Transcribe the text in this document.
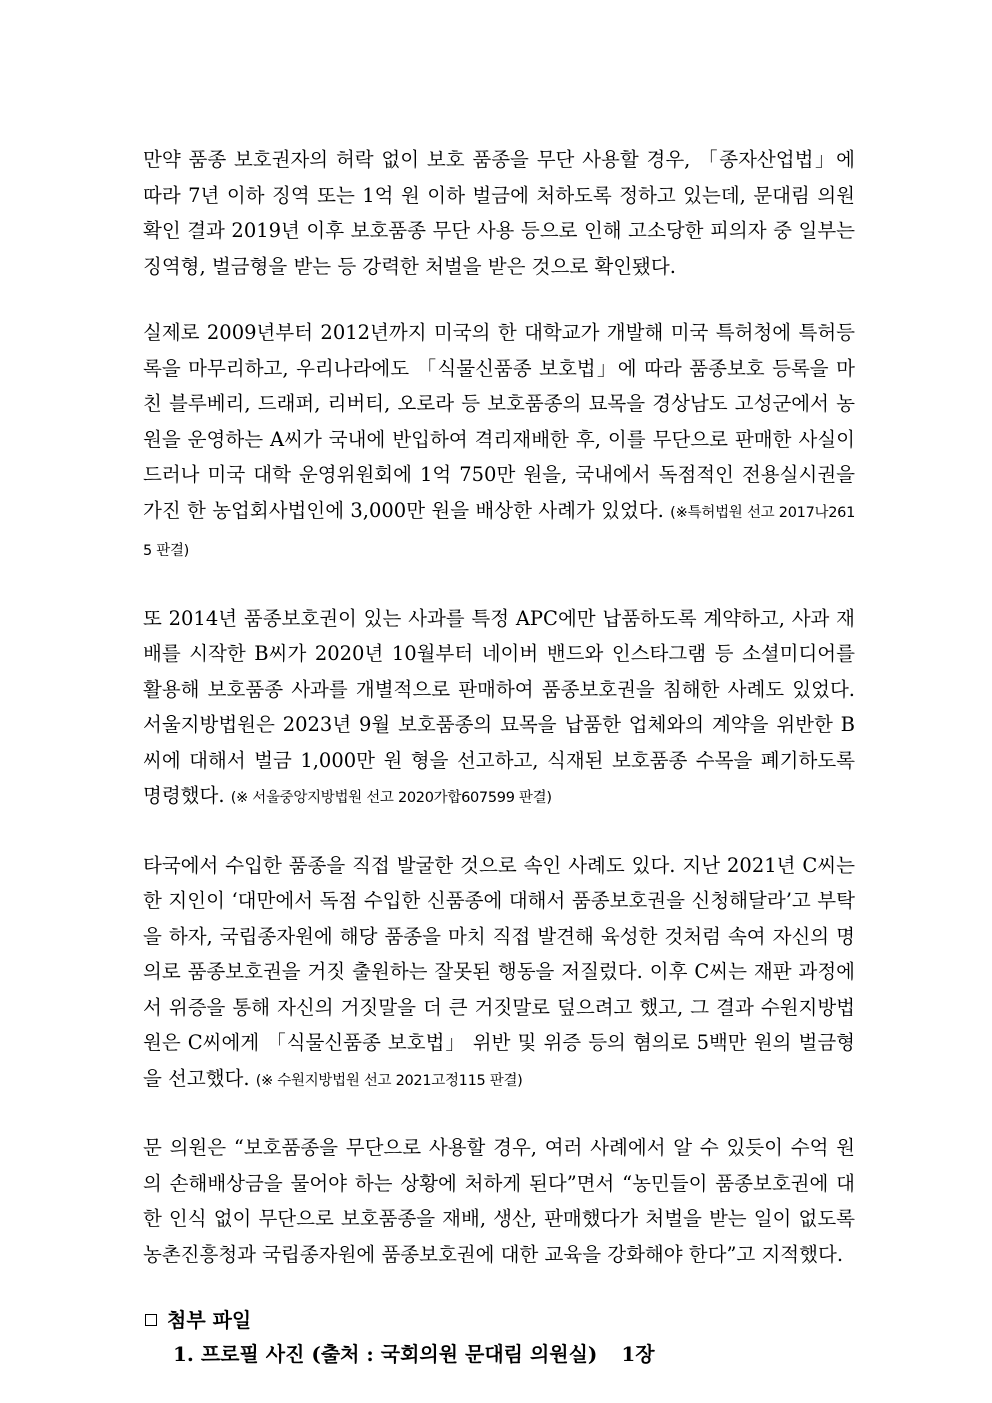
만약 품종 보호권자의 허락 없이 보호 품종을 무단 사용할 경우, 「종자산업법」에 따라 7년 이하 징역 또는 1억 원 이하 벌금에 처하도록 정하고 있는데, 문대림 의원 확인 결과 2019년 이후 보호품종 무단 사용 등으로 인해 고소당한 피의자 중 일부는 징역형, 벌금형을 받는 등 강력한 처벌을 받은 것으로 확인됐다.

실제로 2009년부터 2012년까지 미국의 한 대학교가 개발해 미국 특허청에 특허등록을 마무리하고, 우리나라에도 「식물신품종 보호법」에 따라 품종보호 등록을 마친 블루베리, 드래퍼, 리버티, 오로라 등 보호품종의 묘목을 경상남도 고성군에서 농원을 운영하는 A씨가 국내에 반입하여 격리재배한 후, 이를 무단으로 판매한 사실이 드러나 미국 대학 운영위원회에 1억 750만 원을, 국내에서 독점적인 전용실시권을 가진 한 농업회사법인에 3,000만 원을 배상한 사례가 있었다. (※특허법원 선고 2017나2615 판결)

또 2014년 품종보호권이 있는 사과를 특정 APC에만 납품하도록 계약하고, 사과 재배를 시작한 B씨가 2020년 10월부터 네이버 밴드와 인스타그램 등 소셜미디어를 활용해 보호품종 사과를 개별적으로 판매하여 품종보호권을 침해한 사례도 있었다. 서울지방법원은 2023년 9월 보호품종의 묘목을 납품한 업체와의 계약을 위반한 B씨에 대해서 벌금 1,000만 원 형을 선고하고, 식재된 보호품종 수목을 폐기하도록 명령했다. (※ 서울중앙지방법원 선고 2020가합607599 판결)

타국에서 수입한 품종을 직접 발굴한 것으로 속인 사례도 있다. 지난 2021년 C씨는 한 지인이 ‘대만에서 독점 수입한 신품종에 대해서 품종보호권을 신청해달라’고 부탁을 하자, 국립종자원에 해당 품종을 마치 직접 발견해 육성한 것처럼 속여 자신의 명의로 품종보호권을 거짓 출원하는 잘못된 행동을 저질렀다. 이후 C씨는 재판 과정에서 위증을 통해 자신의 거짓말을 더 큰 거짓말로 덮으려고 했고, 그 결과 수원지방법원은 C씨에게 「식물신품종 보호법」 위반 및 위증 등의 혐의로 5백만 원의 벌금형을 선고했다. (※ 수원지방법원 선고 2021고정115 판결)

문 의원은 “보호품종을 무단으로 사용할 경우, 여러 사례에서 알 수 있듯이 수억 원의 손해배상금을 물어야 하는 상황에 처하게 된다”면서 “농민들이 품종보호권에 대한 인식 없이 무단으로 보호품종을 재배, 생산, 판매했다가 처벌을 받는 일이 없도록 농촌진흥청과 국립종자원에 품종보호권에 대한 교육을 강화해야 한다”고 지적했다.

첨부 파일
1. 프로필 사진 (출처 : 국회의원 문대림 의원실) 1장
